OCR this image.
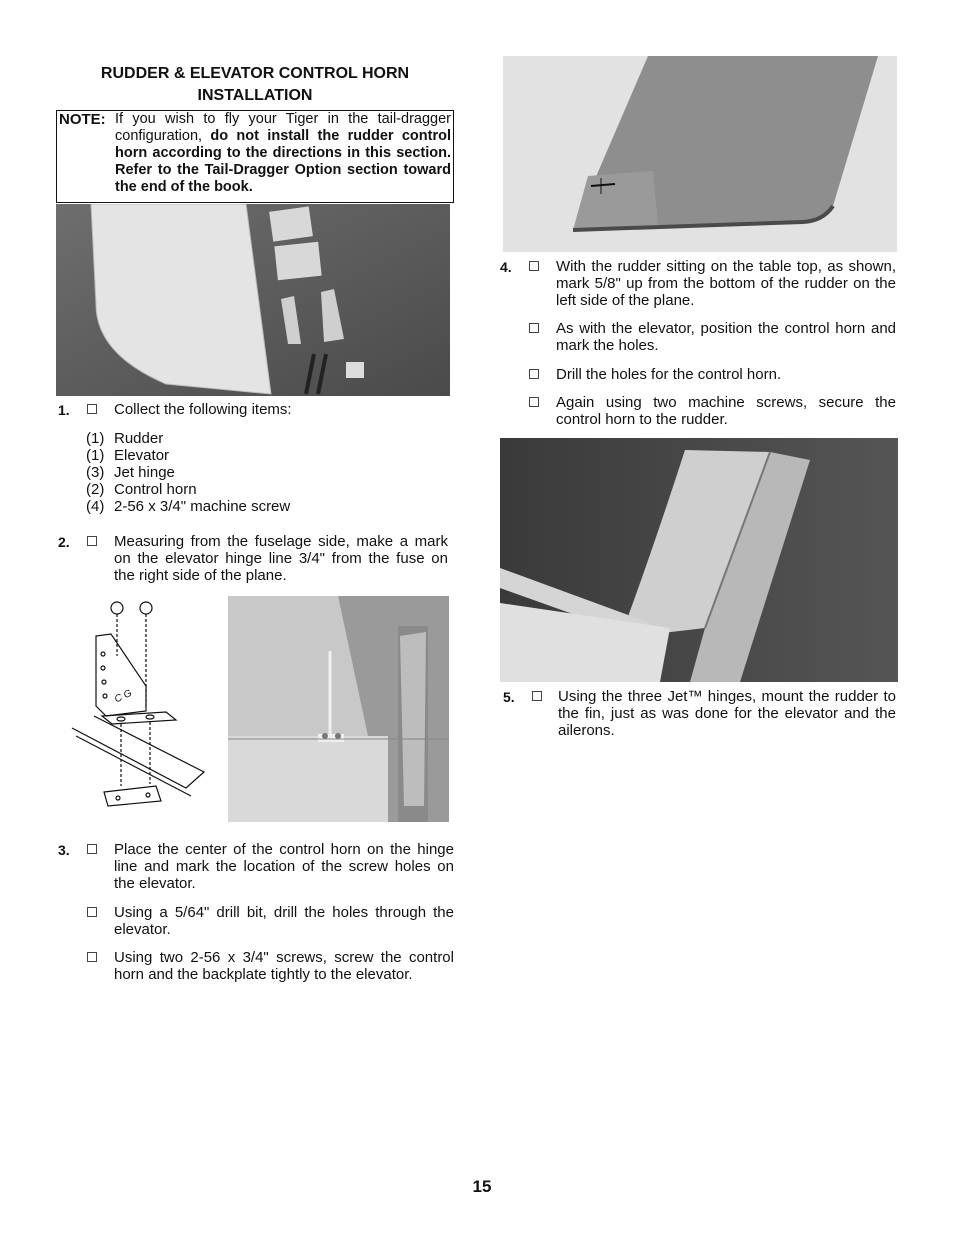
RUDDER & ELEVATOR CONTROL HORN
INSTALLATION
NOTE: If you wish to fly your Tiger in the tail-dragger configuration, do not install the rudder control horn according to the directions in this section. Refer to the Tail-Dragger Option section toward the end of the book.
1.	Collect the following items:
(1) Rudder
(1) Elevator
(3) Jet hinge
(2) Control horn
(4) 2-56 x 3/4" machine screw
2.	Measuring from the fuselage side, make a mark on the elevator hinge line 3/4" from the fuse on the right side of the plane.
C G
3.	Place the center of the control horn on the hinge line and mark the location of the screw holes on the elevator.
Using a 5/64" drill bit, drill the holes through the elevator.
Using two 2-56 x 3/4" screws, screw the control horn and the backplate tightly to the elevator.
4.	With the rudder sitting on the table top, as shown, mark 5/8" up from the bottom of the rudder on the left side of the plane.
As with the elevator, position the control horn and mark the holes.
Drill the holes for the control horn.
Again using two machine screws, secure the control horn to the rudder.
5.	Using the three Jet™ hinges, mount the rudder to the fin, just as was done for the elevator and the ailerons.
15
